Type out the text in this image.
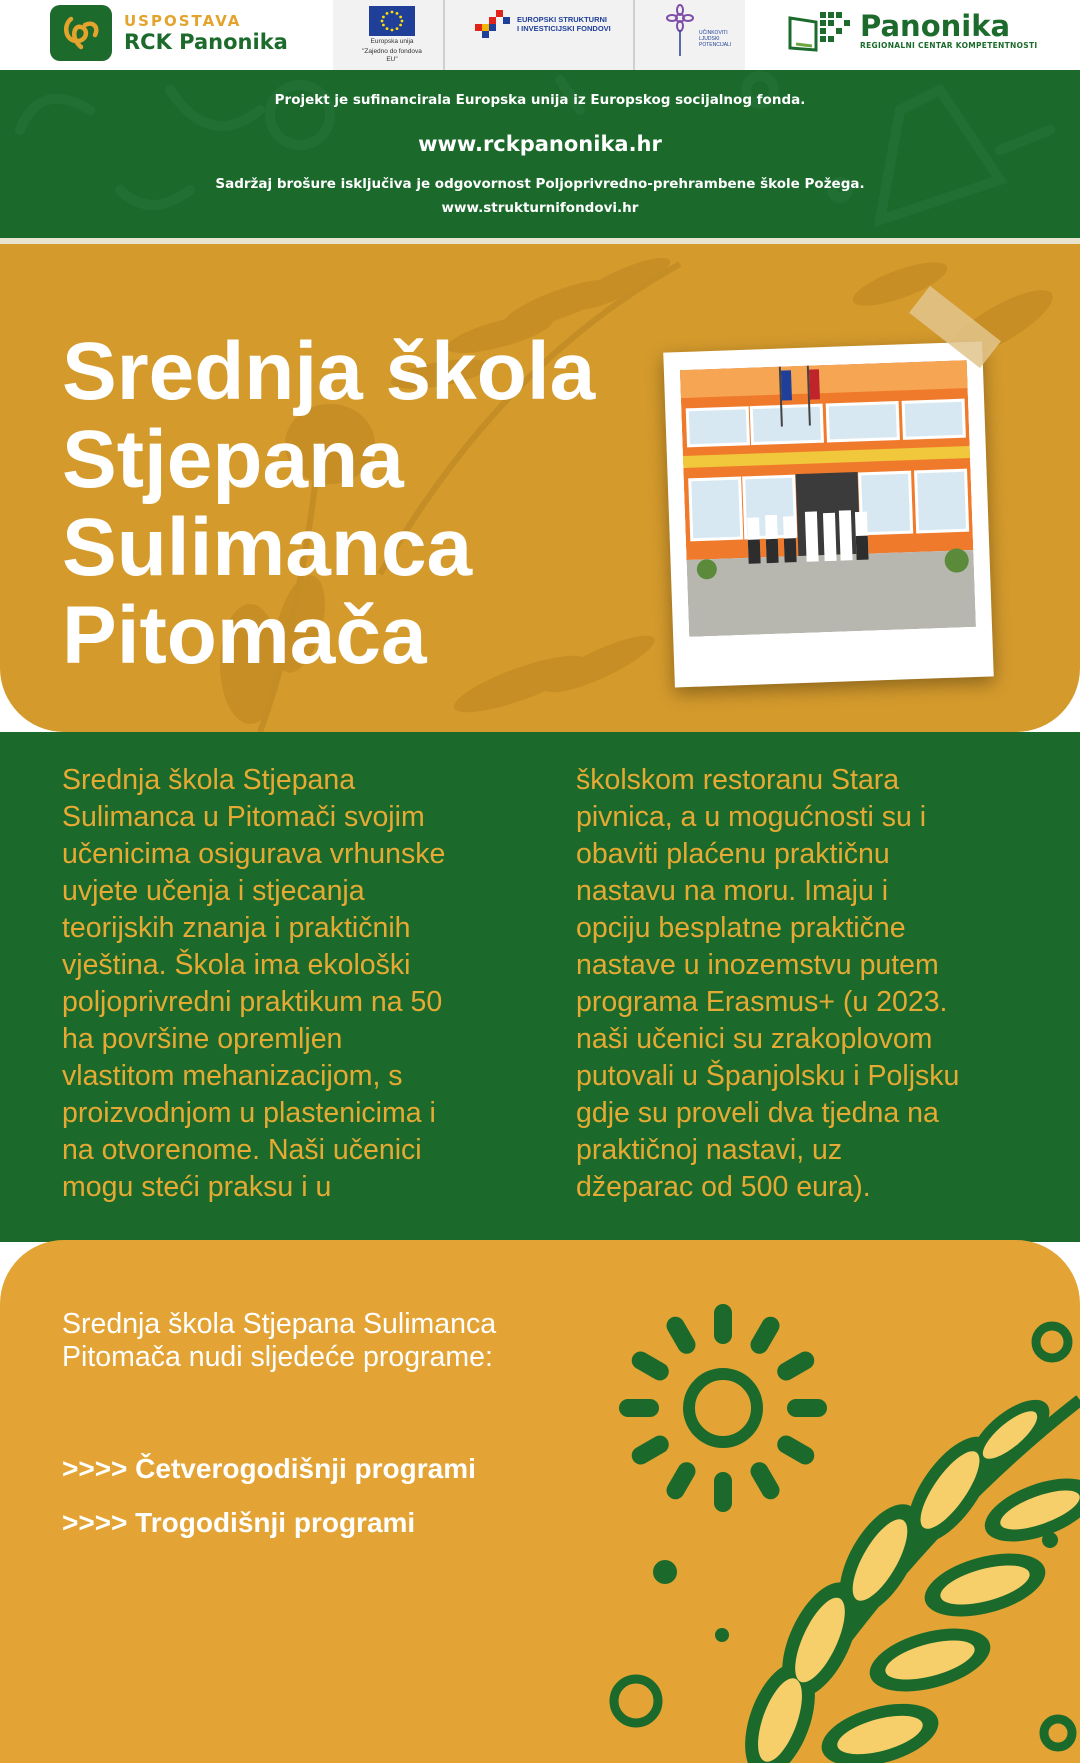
USPOSTAVA
RCK Panonika	Europska unija
"Zajedno do fondova EU"
EUROPSKI STRUKTURNI
I INVESTICIJSKI FONDOVI	UČINKOVITI LJUDSKI POTENCIJALI
Panonika
REGIONALNI CENTAR KOMPETENTNOSTI
Projekt je sufinancirala Europska unija iz Europskog socijalnog fonda.
www.rckpanonika.hr
Sadržaj brošure isključiva je odgovornost Poljoprivredno-prehrambene škole Požega.
www.strukturnifondovi.hr
Srednja škola
Stjepana
Sulimanca
Pitomača
Srednja škola Stjepana
Sulimanca u Pitomači svojim
učenicima osigurava vrhunske
uvjete učenja i stjecanja
teorijskih znanja i praktičnih
vještina. Škola ima ekološki
poljoprivredni praktikum na 50
ha površine opremljen
vlastitom mehanizacijom, s
proizvodnjom u plastenicima i
na otvorenome. Naši učenici
mogu steći praksu i u
školskom restoranu Stara
pivnica, a u mogućnosti su i
obaviti plaćenu praktičnu
nastavu na moru. Imaju i
opciju besplatne praktične
nastave u inozemstvu putem
programa Erasmus+ (u 2023.
naši učenici su zrakoplovom
putovali u Španjolsku i Poljsku
gdje su proveli dva tjedna na
praktičnoj nastavi, uz
džeparac od 500 eura).
Srednja škola Stjepana Sulimanca
Pitomača nudi sljedeće programe:
>>>> Četverogodišnji programi
>>>> Trogodišnji programi
